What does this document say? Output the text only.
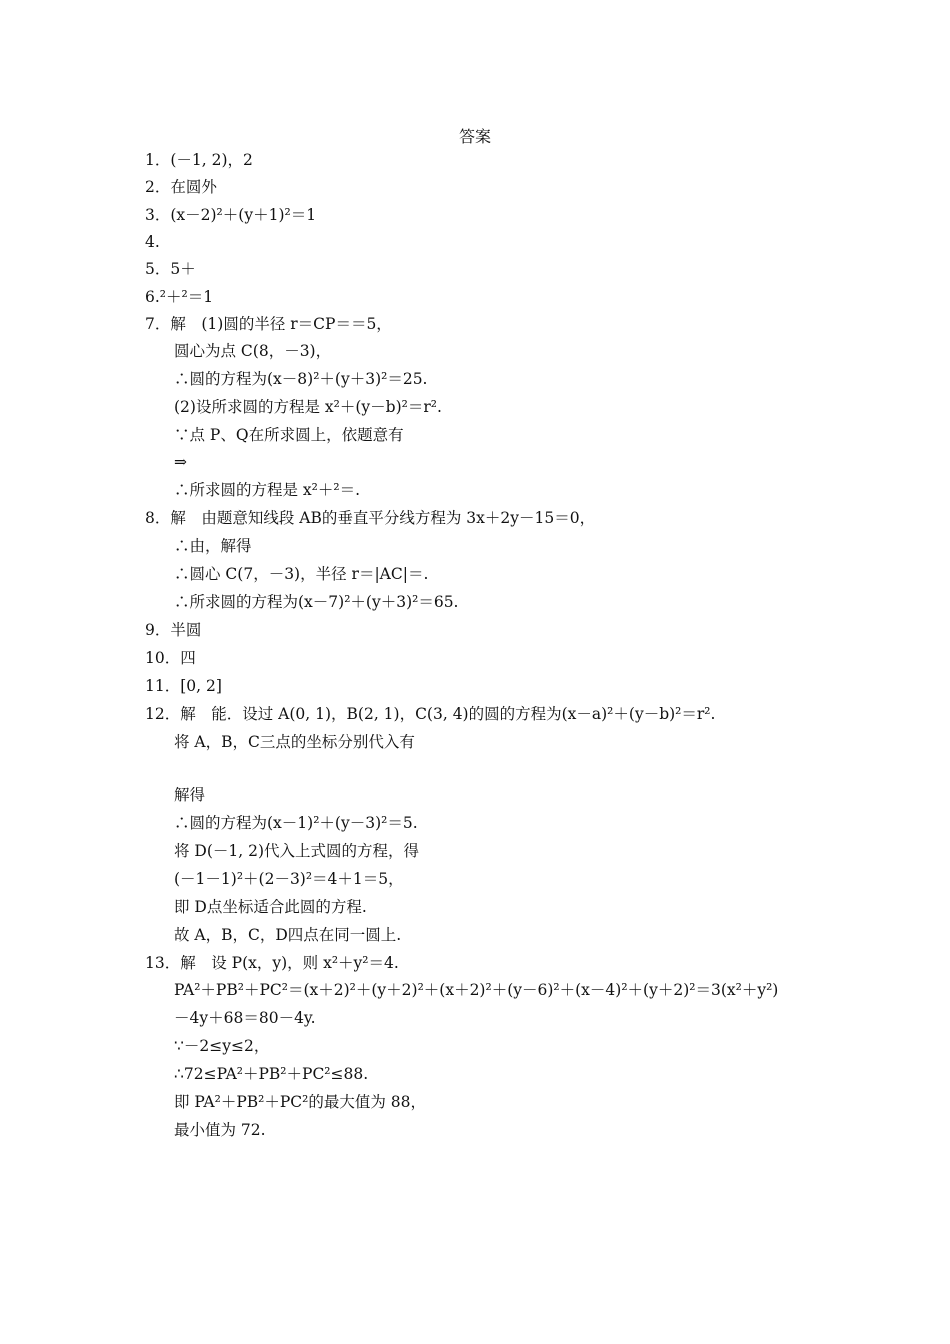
答案
1．(－1, 2)，2
2．在圆外
3．(x－2)²＋(y＋1)²＝1
4.
5．5＋
6.²＋²＝1
7．解　(1)圆的半径 r＝CP＝＝5，
圆心为点 C(8，－3)，
∴圆的方程为(x－8)²＋(y＋3)²＝25.
(2)设所求圆的方程是 x²＋(y－b)²＝r².
∵点 P、Q在所求圆上，依题意有
⇒
∴所求圆的方程是 x²＋²＝.
8．解　由题意知线段 AB的垂直平分线方程为 3x＋2y－15＝0，
∴由，解得
∴圆心 C(7，－3)，半径 r＝|AC|＝.
∴所求圆的方程为(x－7)²＋(y＋3)²＝65.
9．半圆
10．四
11．[0, 2]
12．解　能．设过 A(0, 1)，B(2, 1)，C(3, 4)的圆的方程为(x－a)²＋(y－b)²＝r².
将 A，B，C三点的坐标分别代入有
解得
∴圆的方程为(x－1)²＋(y－3)²＝5.
将 D(－1, 2)代入上式圆的方程，得
(－1－1)²＋(2－3)²＝4＋1＝5，
即 D点坐标适合此圆的方程.
故 A，B，C，D四点在同一圆上.
13．解　设 P(x，y)，则 x²＋y²＝4.
PA²＋PB²＋PC²＝(x＋2)²＋(y＋2)²＋(x＋2)²＋(y－6)²＋(x－4)²＋(y＋2)²＝3(x²＋y²)
－4y＋68＝80－4y.
∵－2≤y≤2，
∴72≤PA²＋PB²＋PC²≤88.
即 PA²＋PB²＋PC²的最大值为 88，
最小值为 72.
